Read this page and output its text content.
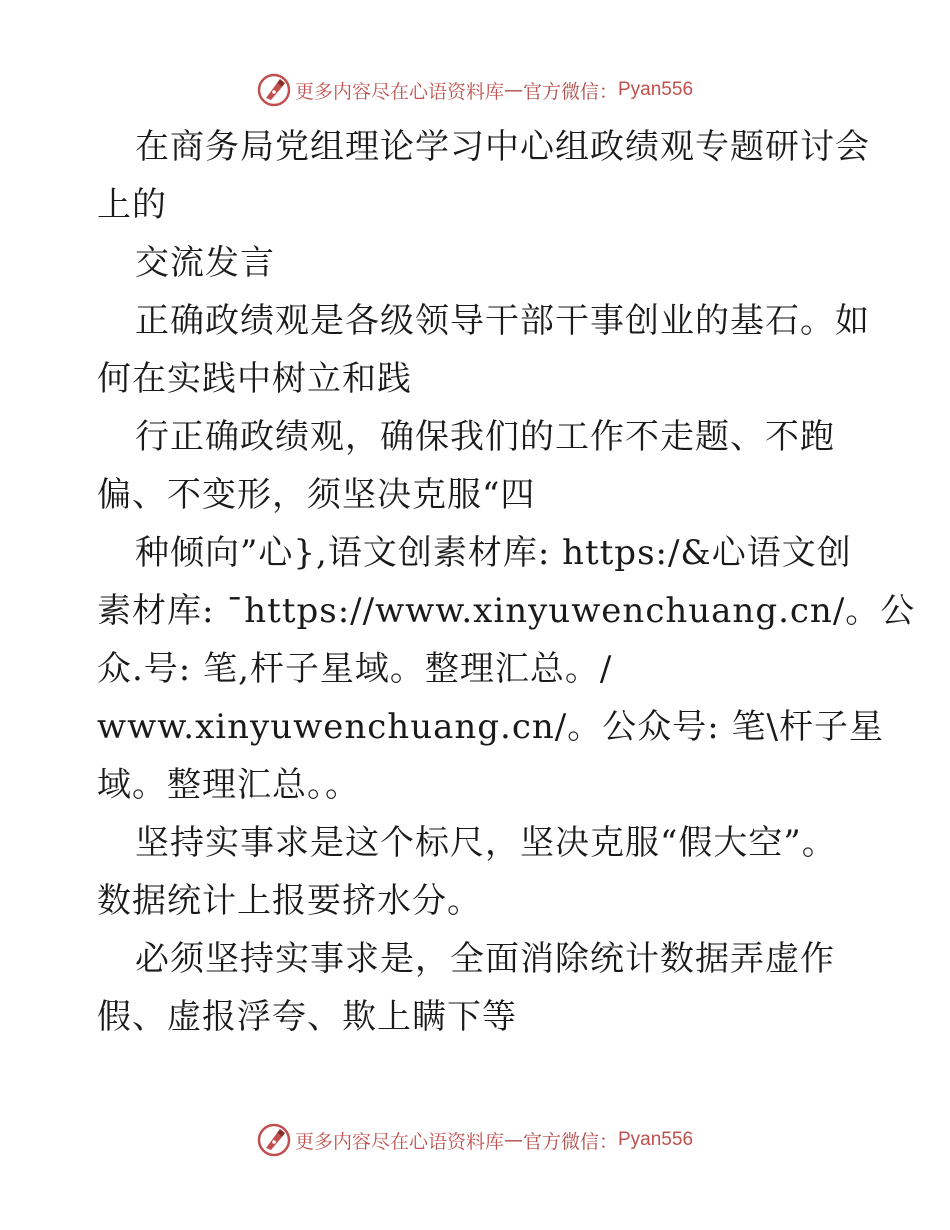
更多内容尽在心语资料库 — 官方微信： Pyan556
在商务局党组理论学习中心组政绩观专题研讨会
上的
交流发言
正确政绩观是各级领导干部干事创业的基石。如
何在实践中树立和践
行正确政绩观，确保我们的工作不走题、不跑
偏、不变形，须坚决克服“四
种倾向”心},语文创素材库: https:/&心语文创
素材库: ¯https://www.xinyuwenchuang.cn/。公
众.号: 笔,杆子星域。整理汇总。/
www.xinyuwenchuang.cn/。公众号: 笔\杆子星
域。整理汇总。。
坚持实事求是这个标尺，坚决克服“假大空”。
数据统计上报要挤水分。
必须坚持实事求是，全面消除统计数据弄虚作
假、虚报浮夸、欺上瞒下等
更多内容尽在心语资料库 — 官方微信： Pyan556
